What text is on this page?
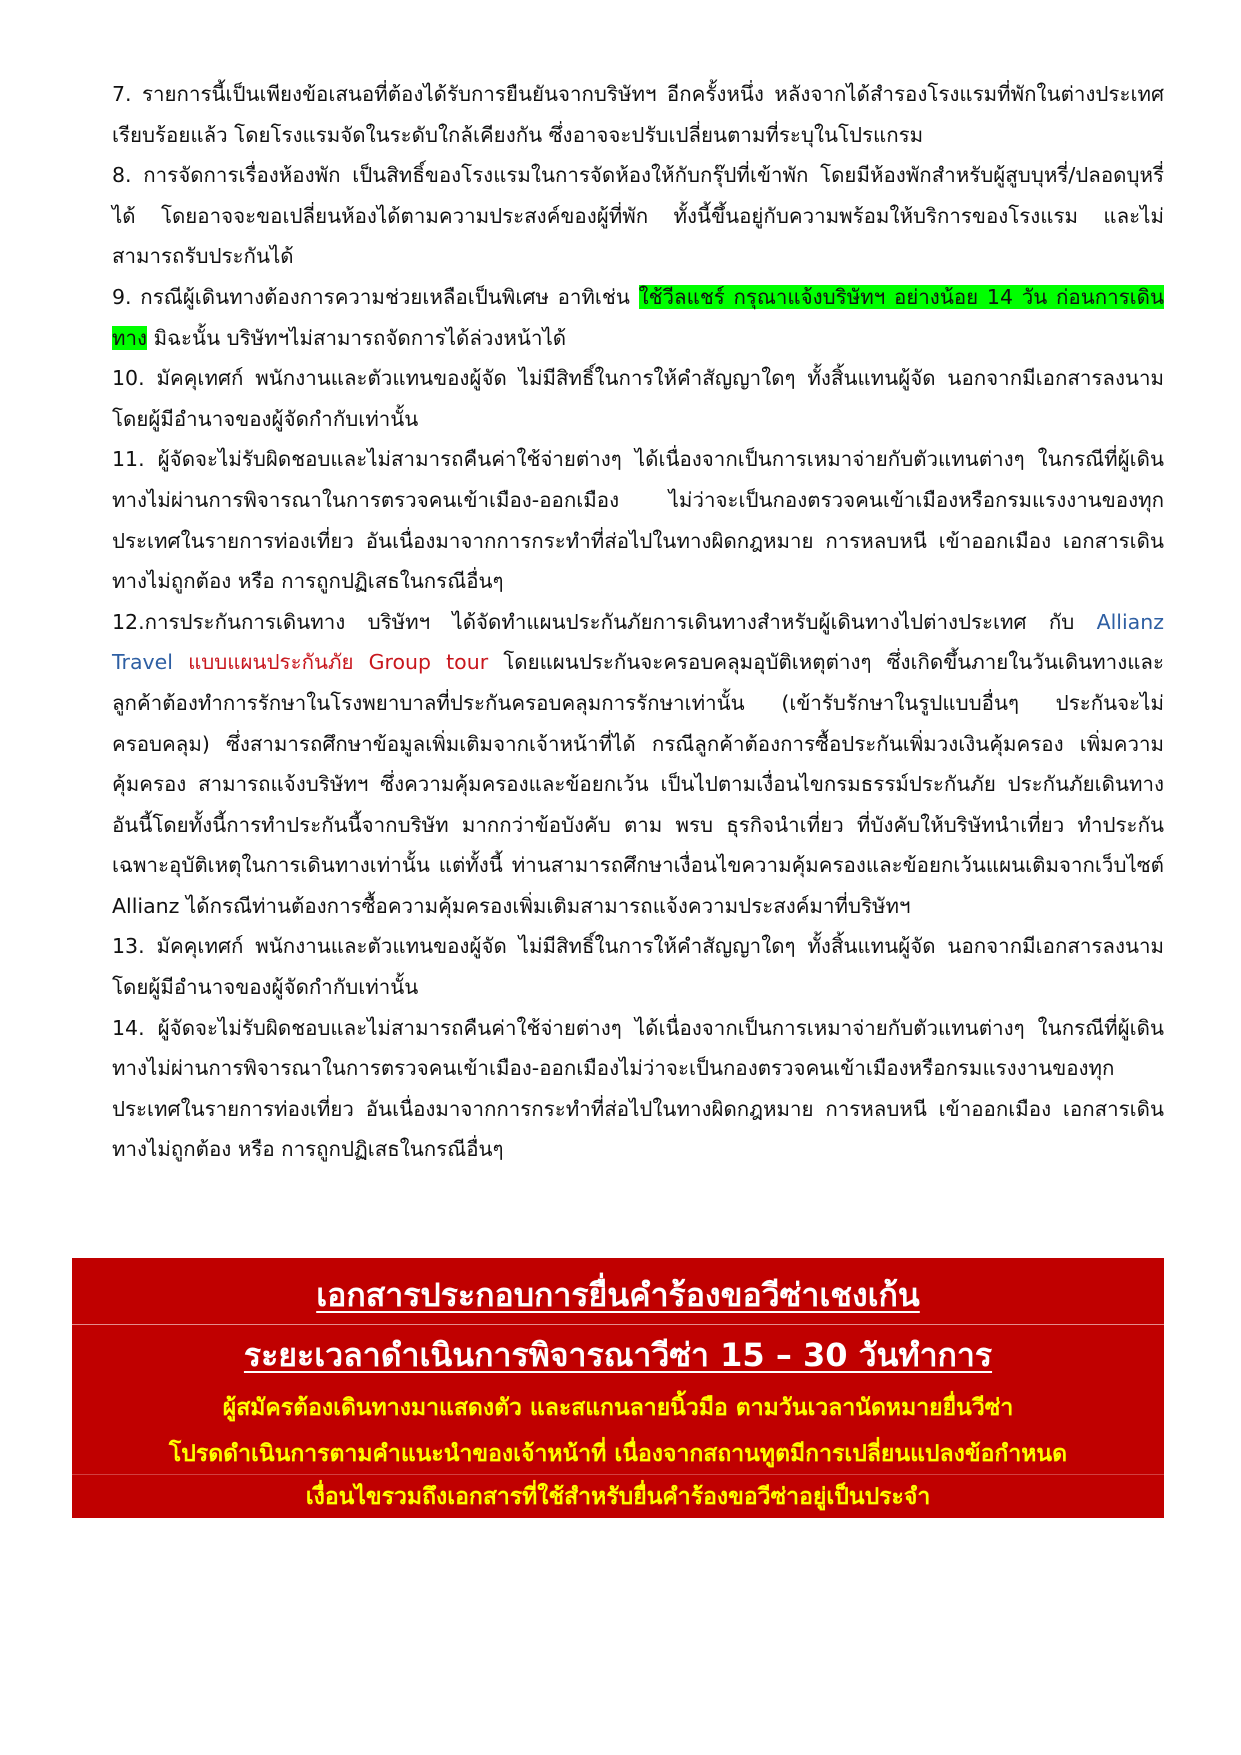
7. รายการนี้เป็นเพียงข้อเสนอที่ต้องได้รับการยืนยันจากบริษัทฯ อีกครั้งหนึ่ง หลังจากได้สำรองโรงแรมที่พักในต่างประเทศเรียบร้อยแล้ว โดยโรงแรมจัดในระดับใกล้เคียงกัน ซึ่งอาจจะปรับเปลี่ยนตามที่ระบุในโปรแกรม

8. การจัดการเรื่องห้องพัก เป็นสิทธิ์ของโรงแรมในการจัดห้องให้กับกรุ๊ปที่เข้าพัก โดยมีห้องพักสำหรับผู้สูบบุหรี่/ปลอดบุหรี่ได้ โดยอาจจะขอเปลี่ยนห้องได้ตามความประสงค์ของผู้ที่พัก ทั้งนี้ขึ้นอยู่กับความพร้อมให้บริการของโรงแรม และไม่สามารถรับประกันได้

9. กรณีผู้เดินทางต้องการความช่วยเหลือเป็นพิเศษ อาทิเช่น ใช้วีลแชร์ กรุณาแจ้งบริษัทฯ อย่างน้อย 14 วัน ก่อนการเดินทาง มิฉะนั้น บริษัทฯไม่สามารถจัดการได้ล่วงหน้าได้

10. มัคคุเทศก์ พนักงานและตัวแทนของผู้จัด ไม่มีสิทธิ์ในการให้คำสัญญาใดๆ ทั้งสิ้นแทนผู้จัด นอกจากมีเอกสารลงนามโดยผู้มีอำนาจของผู้จัดกำกับเท่านั้น

11. ผู้จัดจะไม่รับผิดชอบและไม่สามารถคืนค่าใช้จ่ายต่างๆ ได้เนื่องจากเป็นการเหมาจ่ายกับตัวแทนต่างๆ ในกรณีที่ผู้เดินทางไม่ผ่านการพิจารณาในการตรวจคนเข้าเมือง-ออกเมือง ไม่ว่าจะเป็นกองตรวจคนเข้าเมืองหรือกรมแรงงานของทุกประเทศในรายการท่องเที่ยว อันเนื่องมาจากการกระทำที่ส่อไปในทางผิดกฎหมาย การหลบหนี เข้าออกเมือง เอกสารเดินทางไม่ถูกต้อง หรือ การถูกปฏิเสธในกรณีอื่นๆ

12.การประกันการเดินทาง บริษัทฯ ได้จัดทำแผนประกันภัยการเดินทางสำหรับผู้เดินทางไปต่างประเทศ กับ Allianz Travel แบบแผนประกันภัย Group tour โดยแผนประกันจะครอบคลุมอุบัติเหตุต่างๆ ซึ่งเกิดขึ้นภายในวันเดินทางและลูกค้าต้องทำการรักษาในโรงพยาบาลที่ประกันครอบคลุมการรักษาเท่านั้น (เข้ารับรักษาในรูปแบบอื่นๆ ประกันจะไม่ครอบคลุม) ซึ่งสามารถศึกษาข้อมูลเพิ่มเติมจากเจ้าหน้าที่ได้ กรณีลูกค้าต้องการซื้อประกันเพิ่มวงเงินคุ้มครอง เพิ่มความคุ้มครอง สามารถแจ้งบริษัทฯ ซึ่งความคุ้มครองและข้อยกเว้น เป็นไปตามเงื่อนไขกรมธรรม์ประกันภัย ประกันภัยเดินทางอันนี้โดยทั้งนี้การทำประกันนี้จากบริษัท มากกว่าข้อบังคับ ตาม พรบ ธุรกิจนำเที่ยว ที่บังคับให้บริษัทนำเที่ยว ทำประกันเฉพาะอุบัติเหตุในการเดินทางเท่านั้น แต่ทั้งนี้ ท่านสามารถศึกษาเงื่อนไขความคุ้มครองและข้อยกเว้นแผนเติมจากเว็บไซต์ Allianz ได้กรณีท่านต้องการซื้อความคุ้มครองเพิ่มเติมสามารถแจ้งความประสงค์มาที่บริษัทฯ

13. มัคคุเทศก์ พนักงานและตัวแทนของผู้จัด ไม่มีสิทธิ์ในการให้คำสัญญาใดๆ ทั้งสิ้นแทนผู้จัด นอกจากมีเอกสารลงนามโดยผู้มีอำนาจของผู้จัดกำกับเท่านั้น

14. ผู้จัดจะไม่รับผิดชอบและไม่สามารถคืนค่าใช้จ่ายต่างๆ ได้เนื่องจากเป็นการเหมาจ่ายกับตัวแทนต่างๆ ในกรณีที่ผู้เดินทางไม่ผ่านการพิจารณาในการตรวจคนเข้าเมือง-ออกเมืองไม่ว่าจะเป็นกองตรวจคนเข้าเมืองหรือกรมแรงงานของทุกประเทศในรายการท่องเที่ยว อันเนื่องมาจากการกระทำที่ส่อไปในทางผิดกฎหมาย การหลบหนี เข้าออกเมือง เอกสารเดินทางไม่ถูกต้อง หรือ การถูกปฏิเสธในกรณีอื่นๆ

เอกสารประกอบการยื่นคำร้องขอวีซ่าเชงเก้น
ระยะเวลาดำเนินการพิจารณาวีซ่า 15 – 30 วันทำการ
ผู้สมัครต้องเดินทางมาแสดงตัว และสแกนลายนิ้วมือ ตามวันเวลานัดหมายยื่นวีซ่า
โปรดดำเนินการตามคำแนะนำของเจ้าหน้าที่ เนื่องจากสถานทูตมีการเปลี่ยนแปลงข้อกำหนด
เงื่อนไขรวมถึงเอกสารที่ใช้สำหรับยื่นคำร้องขอวีซ่าอยู่เป็นประจำ
